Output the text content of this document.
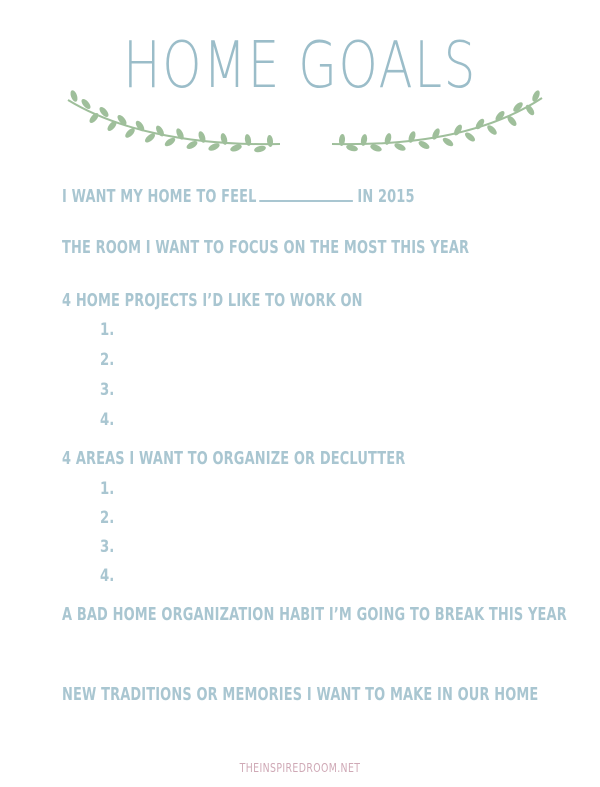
HOME GOALS
I WANT MY HOME TO FEEL	IN 2015
THE ROOM I WANT TO FOCUS ON THE MOST THIS YEAR
4 HOME PROJECTS I’D LIKE TO WORK ON
1.
2.
3.
4.
4 AREAS I WANT TO ORGANIZE OR DECLUTTER
1.
2.
3.
4.
A BAD HOME ORGANIZATION HABIT I’M GOING TO BREAK THIS YEAR
NEW TRADITIONS OR MEMORIES I WANT TO MAKE IN OUR HOME
THEINSPIREDROOM.NET
